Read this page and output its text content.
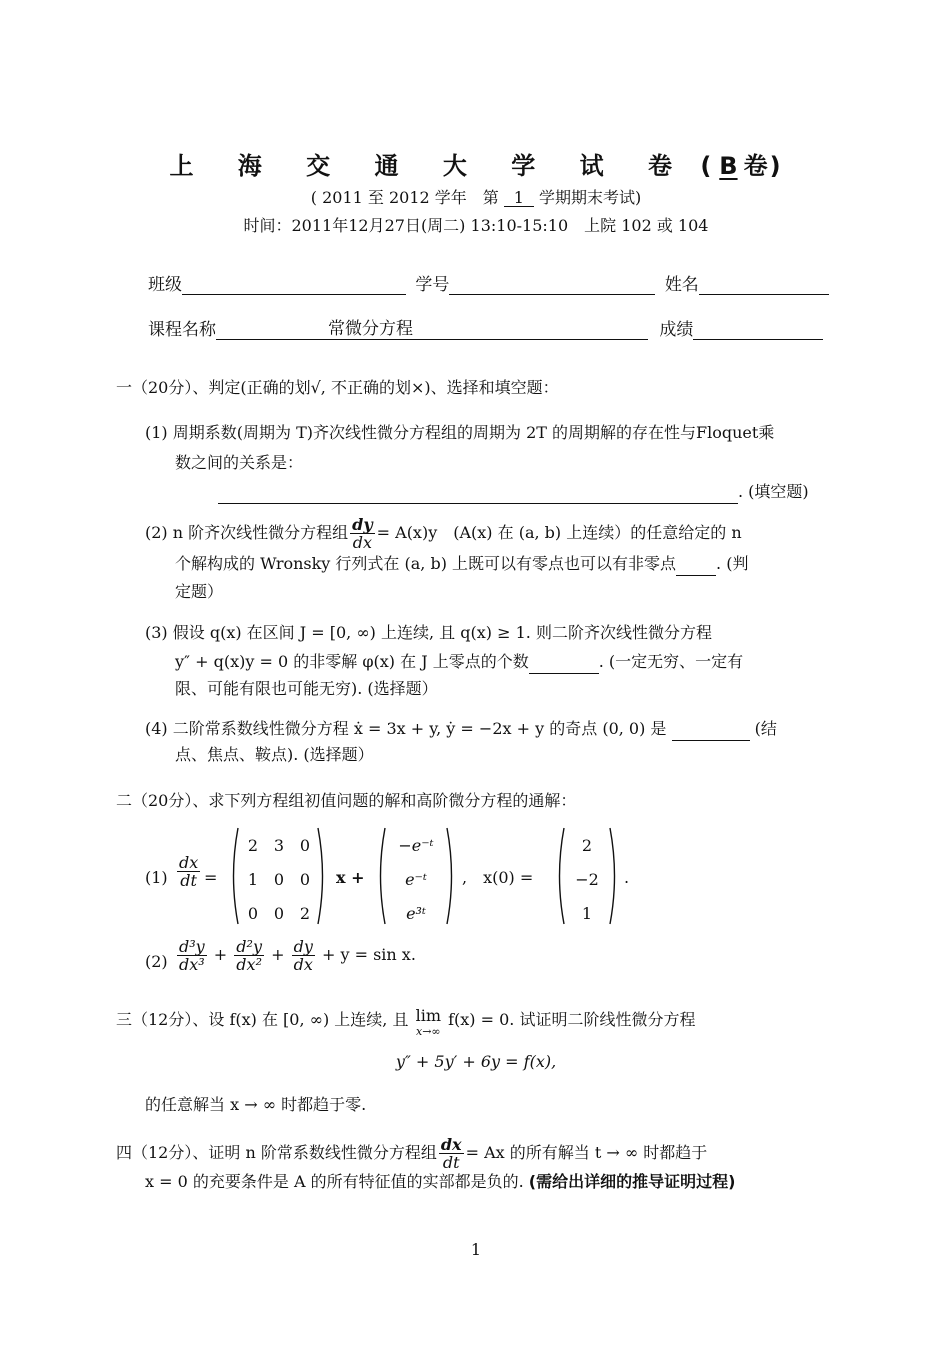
上 海 交 通 大 学 试 卷 ( B 卷)
( 2011 至 2012 学年　第 1 学期期末考试)
时间：2011年12月27日(周二) 13:10-15:10　上院 102 或 104
班级	学号	姓名
课程名称	常微分方程	成绩
一（20分）、判定(正确的划√, 不正确的划×)、选择和填空题：
(1) 周期系数(周期为 T)齐次线性微分方程组的周期为 2T 的周期解的存在性与Floquet乘
数之间的关系是：
. (填空题)
(2) n 阶齐次线性微分方程组 $\frac{dy}{dx} = A(x)y$　(A(x) 在 (a, b) 上连续）的任意给定的 n
个解构成的 Wronsky 行列式在 (a, b) 上既可以有零点也可以有非零点	. (判
定题）
(3) 假设 q(x) 在区间 J = [0, ∞) 上连续, 且 q(x) ≥ 1. 则二阶齐次线性微分方程
y″ + q(x)y = 0 的非零解 φ(x) 在 J 上零点的个数	. (一定无穷、一定有
限、可能有限也可能无穷). (选择题）
(4) 二阶常系数线性微分方程 ẋ = 3x + y, ẏ = −2x + y 的奇点 (0, 0) 是	(结
点、焦点、鞍点). (选择题）
二（20分）、求下列方程组初值问题的解和高阶微分方程的通解：
$(1) \frac{dx}{dt}$ =
2 3 0
1 0 0
0 0 2
x +
−e⁻ᵗ
e⁻ᵗ
e³ᵗ
,　x(0) =
2
−2
1
.
$(2) \frac{\text{d³y}}{\text{dx³}} + \frac{\text{d²y}}{\text{dx²}} + \frac{dy}{dx} + y = \sin x$.
三（12分）、设 f(x) 在 [0, ∞) 上连续, 且 lim
x→∞
f(x) = 0. 试证明二阶线性微分方程
y″ + 5y′ + 6y = f(x),
的任意解当 x → ∞ 时都趋于零.
四（12分）、证明 n 阶常系数线性微分方程组 $\frac{dx}{dt} = Ax$ 的所有解当 t → ∞ 时都趋于
x = 0 的充要条件是 A 的所有特征值的实部都是负的. (需给出详细的推导证明过程)
1
